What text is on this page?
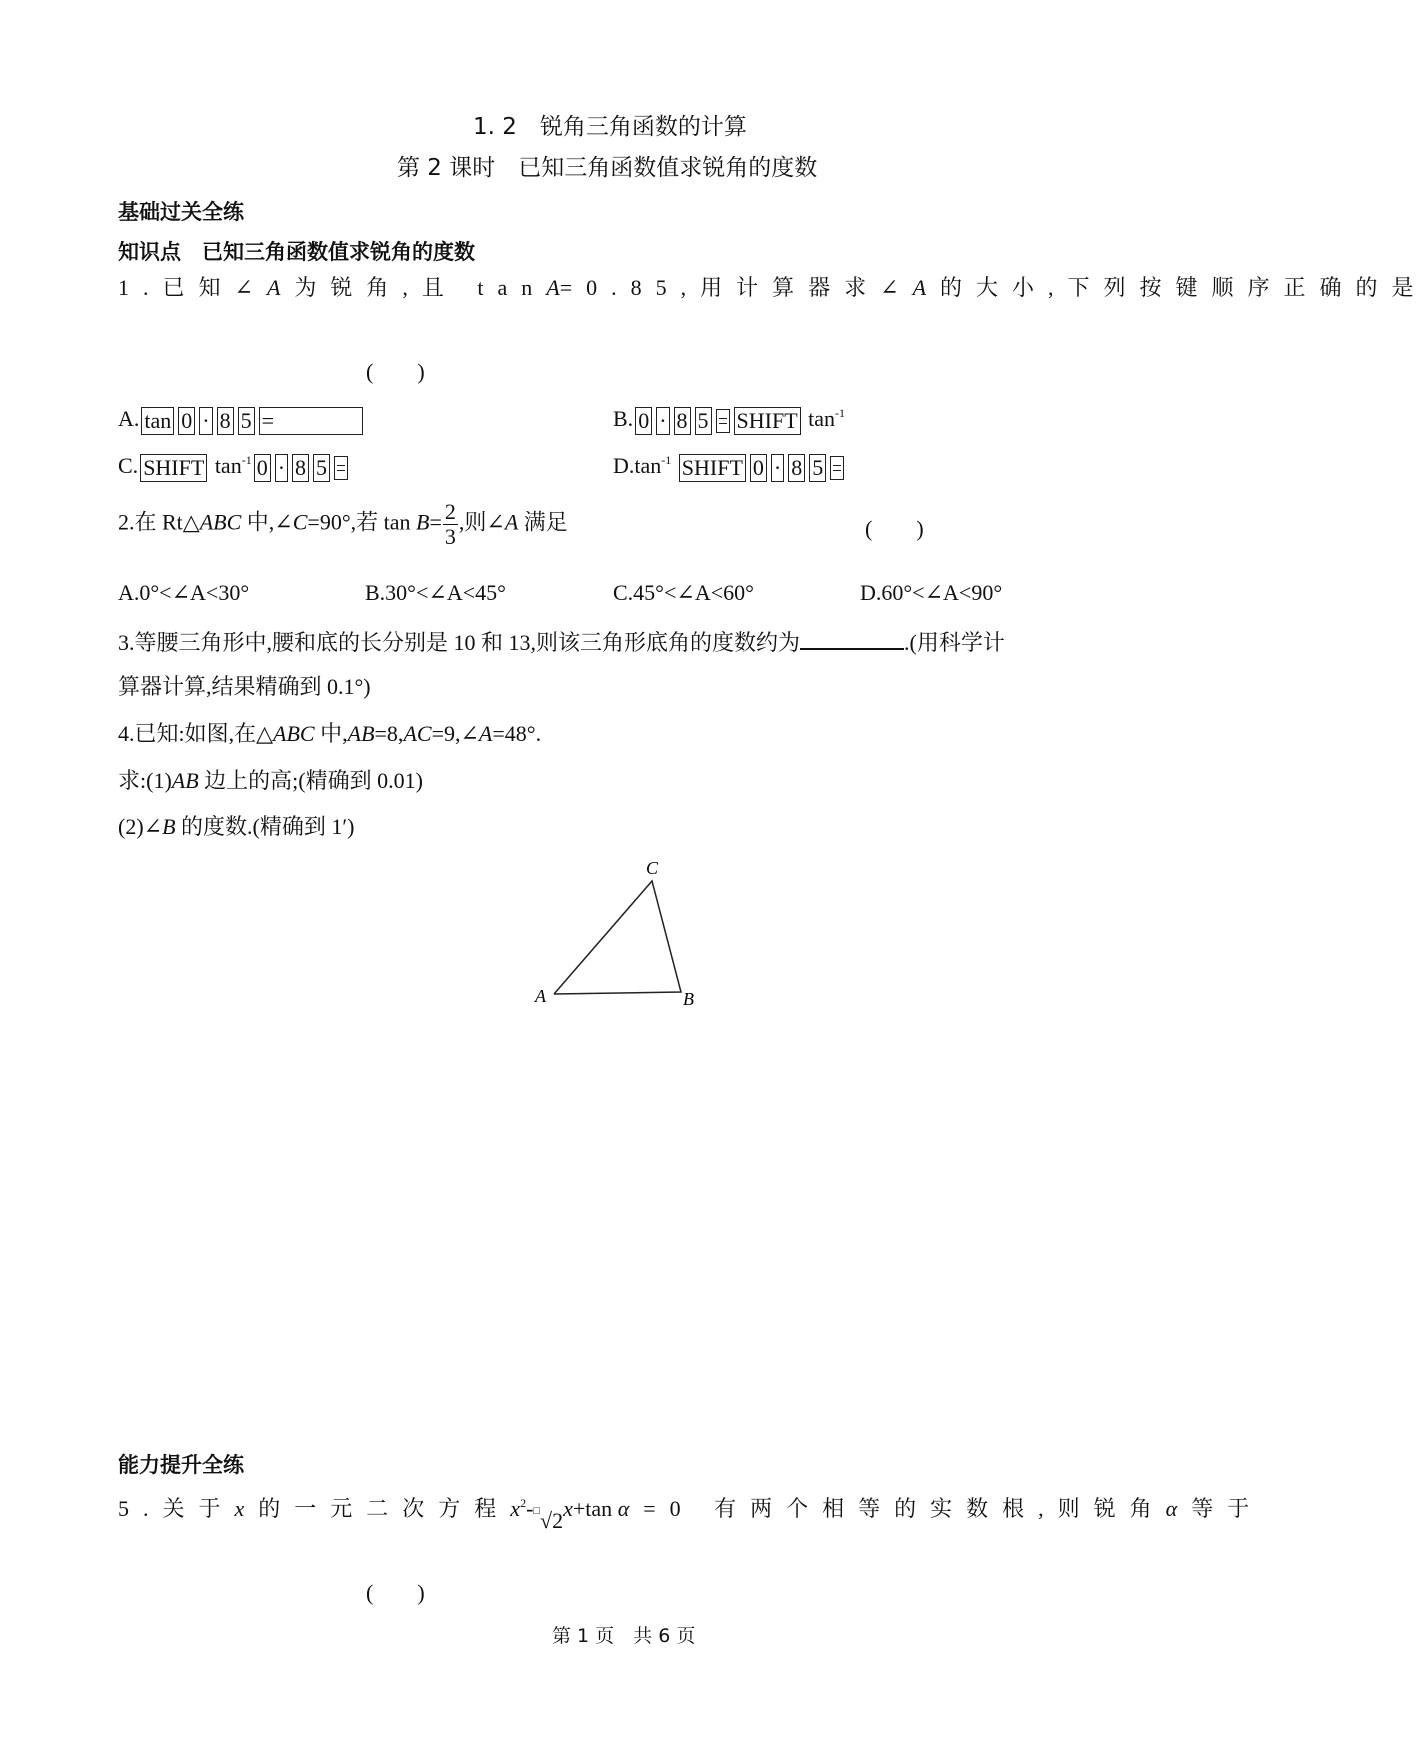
1. 2　锐角三角函数的计算
第 2 课时　已知三角函数值求锐角的度数
基础过关全练
知识点　已知三角函数值求锐角的度数
1.已知∠A为锐角,且 tanA=0.85,用计算器求∠A的大小,下列按键顺序正确的是
(　　)
A. tan 0 · 8 5 =	B. 0 · 8 5 SHIFT $\tan^{-1}$
C. SHIFT $\tan^{-1} 0 \cdot 8$ 5	$D.\tan^{-1}$ SHIFT 0 · 8 5
2.在 Rt△ABC 中,∠C=90°,若 $\tan B= \frac{2}{3}$ ,则∠A 满足	(　　)
A.0°<∠A<30°	B.30°<∠A<45°	C.45°<∠A<60°	D.60°<∠A<90°
3.等腰三角形中,腰和底的长分别是 10 和 13,则该三角形底角的度数约为	.(用科学计
算器计算,结果精确到 0.1°)
4.已知:如图,在△ABC 中,AB=8,AC=9,∠A=48°.
求:(1)AB 边上的高;(精确到 0.01)
(2)∠B 的度数.(精确到 1′)
C
A	B
能力提升全练
5.关于x的一元二次方程$x^2-□√2x+\tan$ α=0 有两个相等的实数根,则锐角α等于
(　　)
第 1 页　共 6 页
